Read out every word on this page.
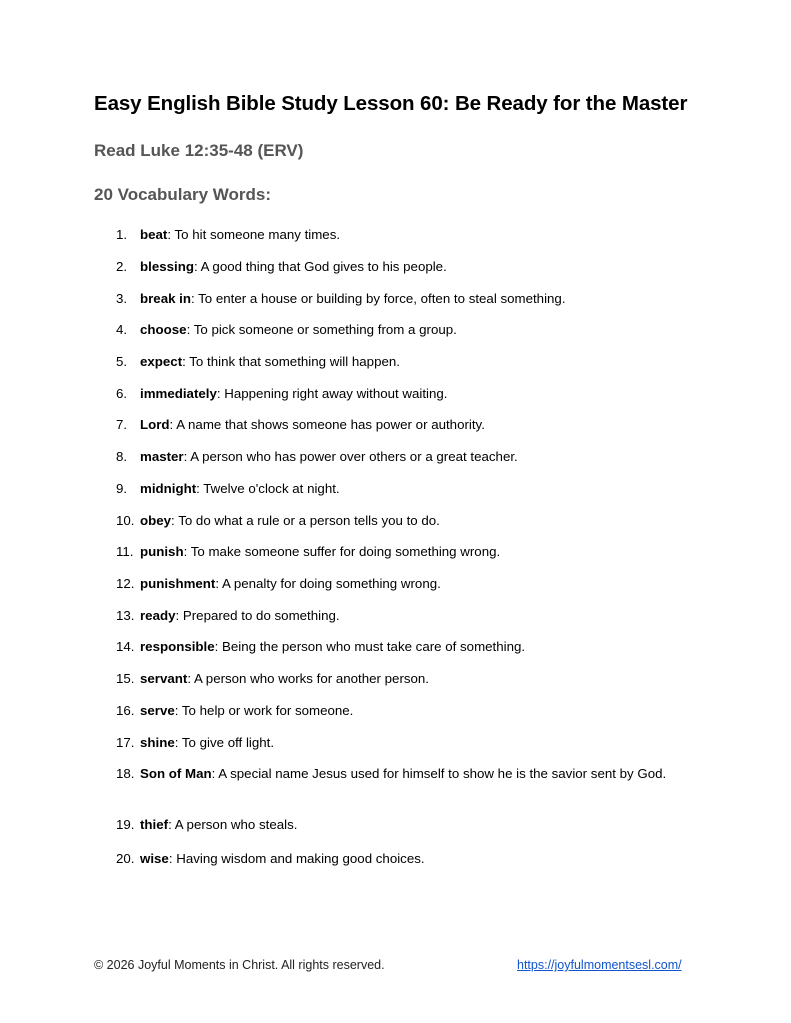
Easy English Bible Study Lesson 60: Be Ready for the Master
Read Luke 12:35-48 (ERV)
20 Vocabulary Words:
1. beat: To hit someone many times.
2. blessing: A good thing that God gives to his people.
3. break in: To enter a house or building by force, often to steal something.
4. choose: To pick someone or something from a group.
5. expect: To think that something will happen.
6. immediately: Happening right away without waiting.
7. Lord: A name that shows someone has power or authority.
8. master: A person who has power over others or a great teacher.
9. midnight: Twelve o'clock at night.
10. obey: To do what a rule or a person tells you to do.
11. punish: To make someone suffer for doing something wrong.
12. punishment: A penalty for doing something wrong.
13. ready: Prepared to do something.
14. responsible: Being the person who must take care of something.
15. servant: A person who works for another person.
16. serve: To help or work for someone.
17. shine: To give off light.
18. Son of Man: A special name Jesus used for himself to show he is the savior sent by God.
19. thief: A person who steals.
20. wise: Having wisdom and making good choices.
© 2026 Joyful Moments in Christ. All rights reserved.	https://joyfulmomentsesl.com/
